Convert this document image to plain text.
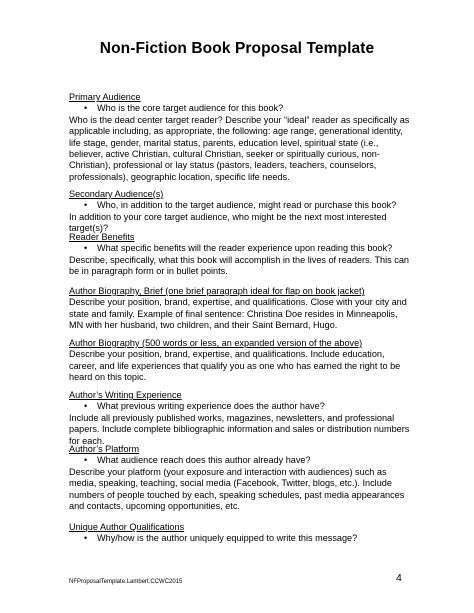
Non-Fiction Book Proposal Template
Primary Audience
• Who is the core target audience for this book?
Who is the dead center target reader? Describe your “ideal” reader as specifically as applicable including, as appropriate, the following: age range, generational identity, life stage, gender, marital status, parents, education level, spiritual state (i.e., believer, active Christian, cultural Christian, seeker or spiritually curious, non-Christian), professional or lay status (pastors, leaders, teachers, counselors, professionals), geographic location, specific life needs.
Secondary Audience(s)
• Who, in addition to the target audience, might read or purchase this book?
In addition to your core target audience, who might be the next most interested target(s)?
Reader Benefits
• What specific benefits will the reader experience upon reading this book?
Describe, specifically, what this book will accomplish in the lives of readers. This can be in paragraph form or in bullet points.
Author Biography, Brief (one brief paragraph ideal for flap on book jacket)
Describe your position, brand, expertise, and qualifications. Close with your city and state and family. Example of final sentence: Christina Doe resides in Minneapolis, MN with her husband, two children, and their Saint Bernard, Hugo.
Author Biography (500 words or less, an expanded version of the above)
Describe your position, brand, expertise, and qualifications. Include education, career, and life experiences that qualify you as one who has earned the right to be heard on this topic.
Author’s Writing Experience
• What previous writing experience does the author have?
Include all previously published works, magazines, newsletters, and professional papers. Include complete bibliographic information and sales or distribution numbers for each.
Author’s Platform
• What audience reach does this author already have?
Describe your platform (your exposure and interaction with audiences) such as media, speaking, teaching, social media (Facebook, Twitter, blogs, etc.). Include numbers of people touched by each, speaking schedules, past media appearances and contacts, upcoming opportunities, etc.
Unique Author Qualifications
• Why/how is the author uniquely equipped to write this message?
NFProposalTemplate.Lambert.CCWC2015	4
